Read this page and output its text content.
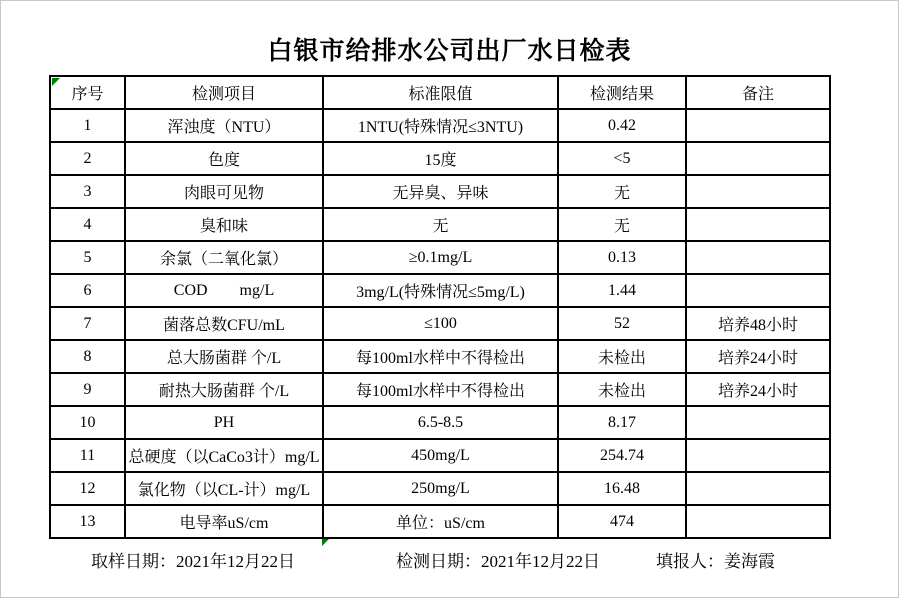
白银市给排水公司出厂水日检表
序号	检测项目	标准限值	检测结果	备注
1	浑浊度（NTU）	1NTU(特殊情况≤3NTU)	0.42	
2	色度	15度	<5	
3	肉眼可见物	无异臭、异味	无	
4	臭和味	无	无	
5	余氯（二氧化氯）	≥0.1mg/L	0.13	
6	COD        mg/L	3mg/L(特殊情况≤5mg/L)	1.44	
7	菌落总数CFU/mL	≤100	52	培养48小时
8	总大肠菌群 个/L	每100ml水样中不得检出	未检出	培养24小时
9	耐热大肠菌群 个/L	每100ml水样中不得检出	未检出	培养24小时
10	PH	6.5-8.5	8.17	
11	总硬度（以CaCo3计）mg/L	450mg/L	254.74	
12	氯化物（以CL-计）mg/L	250mg/L	16.48	
13	电导率uS/cm	单位：uS/cm	474	
取样日期：2021年12月22日	检测日期：2021年12月22日	填报人：姜海霞
